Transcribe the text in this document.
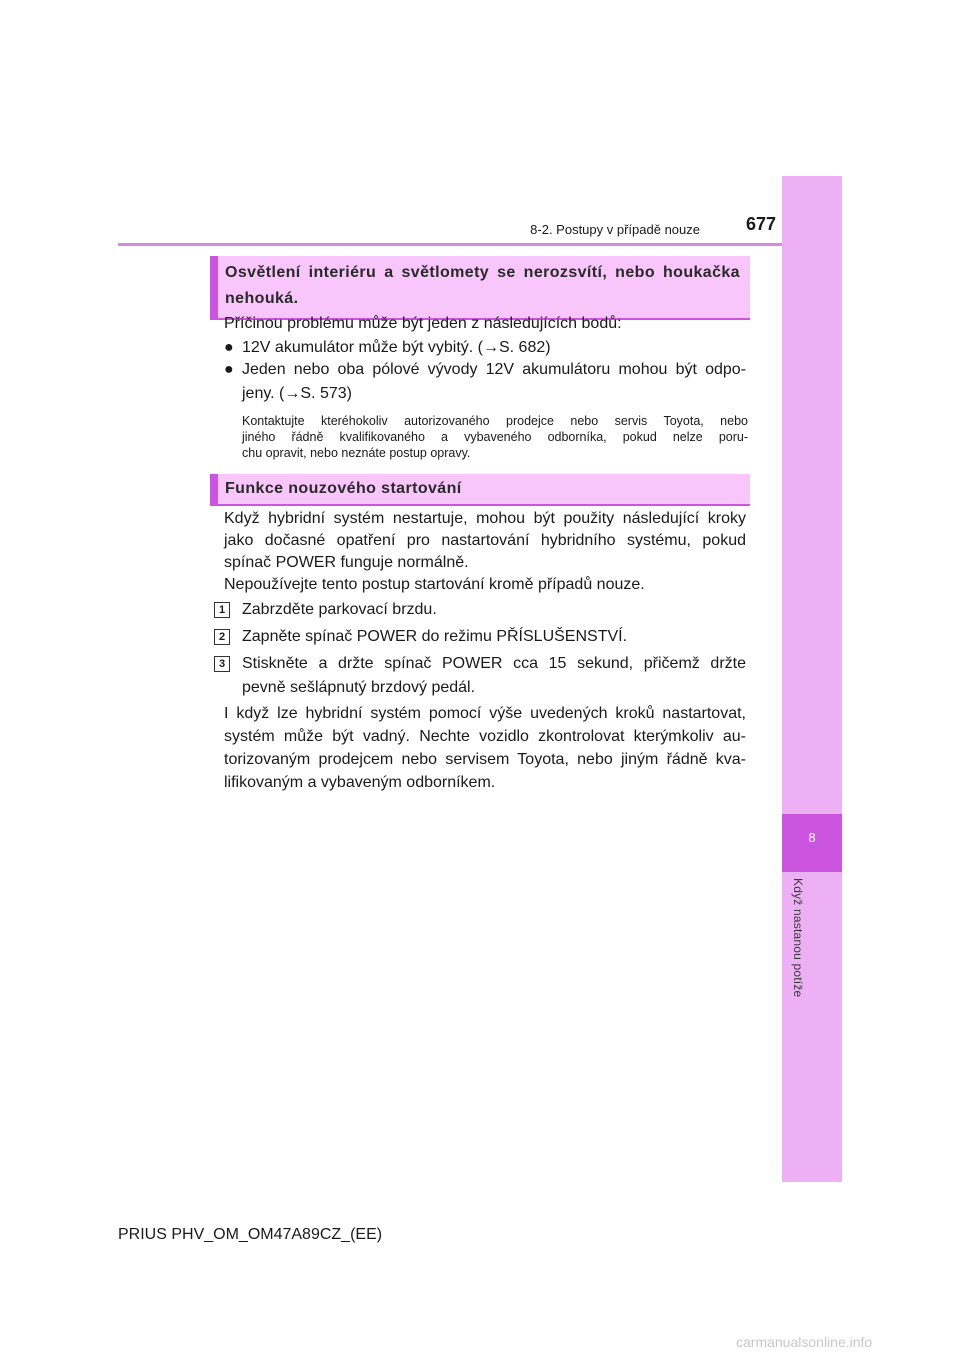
8
Když nastanou potíže
8-2. Postupy v případě nouze	677
Osvětlení interiéru a světlomety se nerozsvítí, nebo houkačka
nehouká.
Příčinou problému může být jeden z následujících bodů:
● 12V akumulátor může být vybitý. (→S. 682)
● Jeden nebo oba pólové vývody 12V akumulátoru mohou být odpo-
jeny. (→S. 573)
Kontaktujte kteréhokoliv autorizovaného prodejce nebo servis Toyota, nebo
jiného řádně kvalifikovaného a vybaveného odborníka, pokud nelze poru-
chu opravit, nebo neznáte postup opravy.
Funkce nouzového startování
Když hybridní systém nestartuje, mohou být použity následující kroky
jako dočasné opatření pro nastartování hybridního systému, pokud
spínač POWER funguje normálně.
Nepoužívejte tento postup startování kromě případů nouze.
1	Zabrzděte parkovací brzdu.
2	Zapněte spínač POWER do režimu PŘÍSLUŠENSTVÍ.
3	Stiskněte a držte spínač POWER cca 15 sekund, přičemž držte
pevně sešlápnutý brzdový pedál.
I když lze hybridní systém pomocí výše uvedených kroků nastartovat,
systém může být vadný. Nechte vozidlo zkontrolovat kterýmkoliv au-
torizovaným prodejcem nebo servisem Toyota, nebo jiným řádně kva-
lifikovaným a vybaveným odborníkem.
PRIUS PHV_OM_OM47A89CZ_(EE)
carmanualsonline.info
